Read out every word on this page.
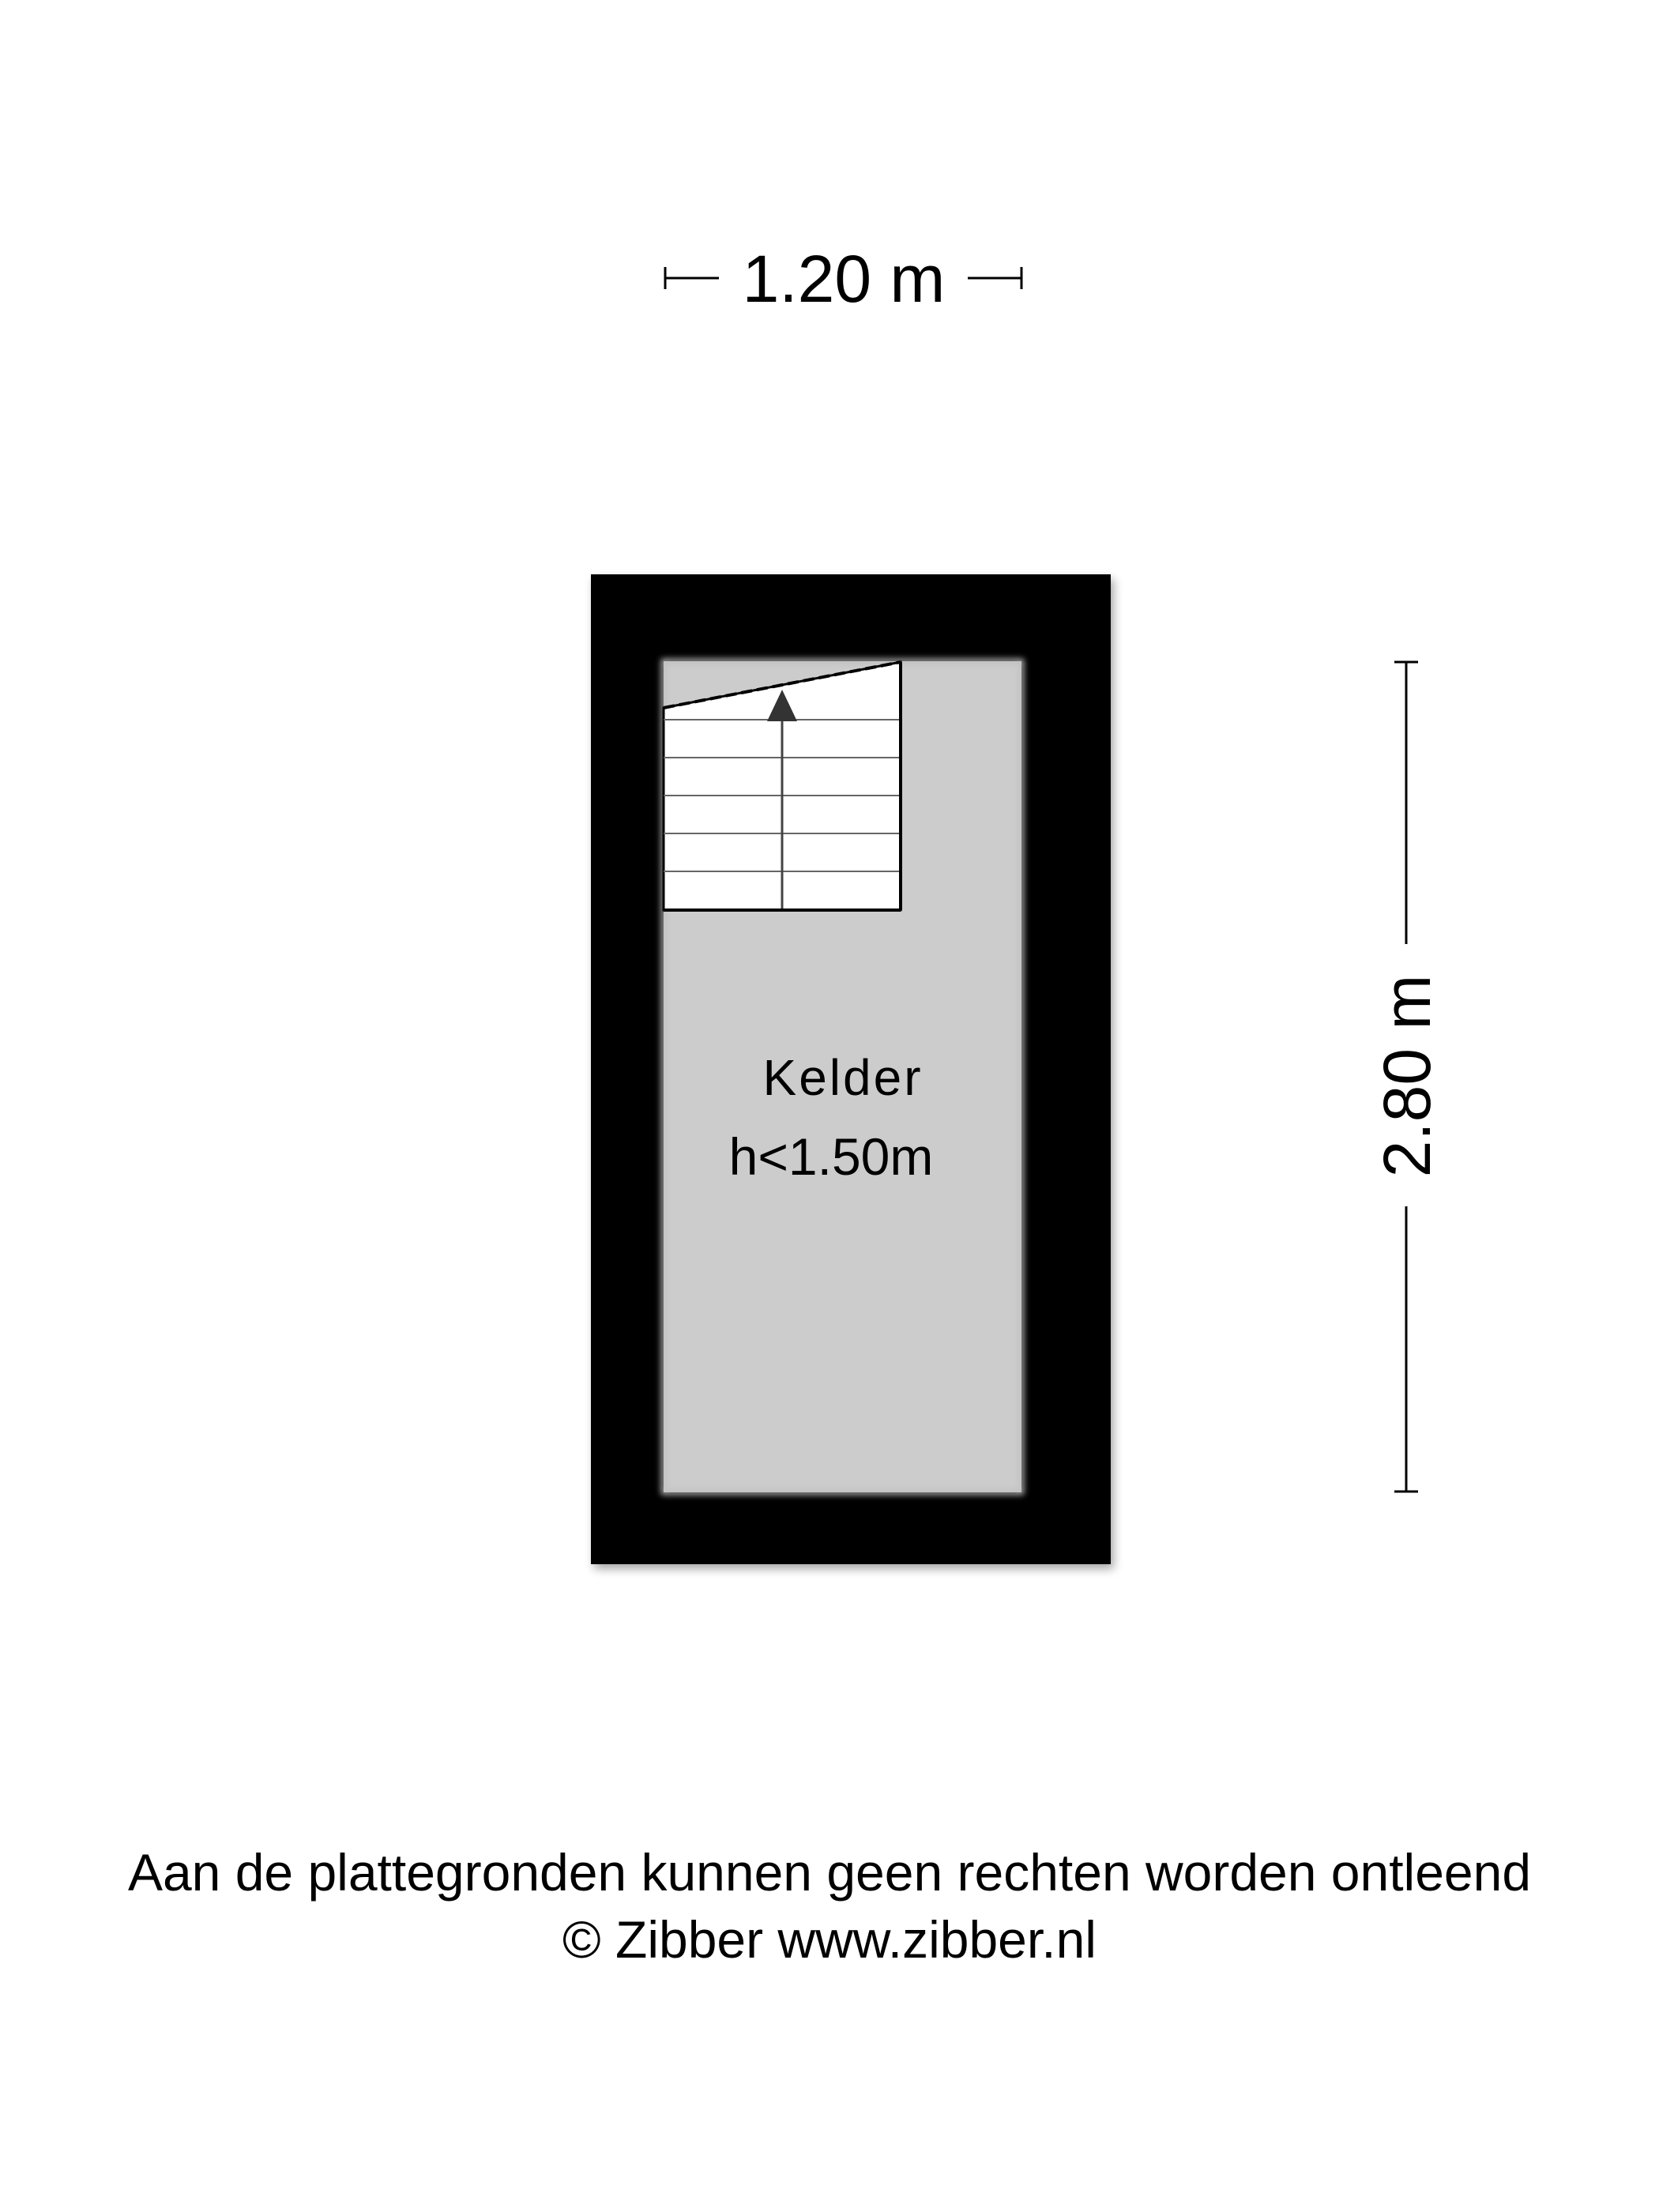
1.20 m
Kelder
h<1.50m	2.80 m
Aan de plattegronden kunnen geen rechten worden ontleend
© Zibber www.zibber.nl
